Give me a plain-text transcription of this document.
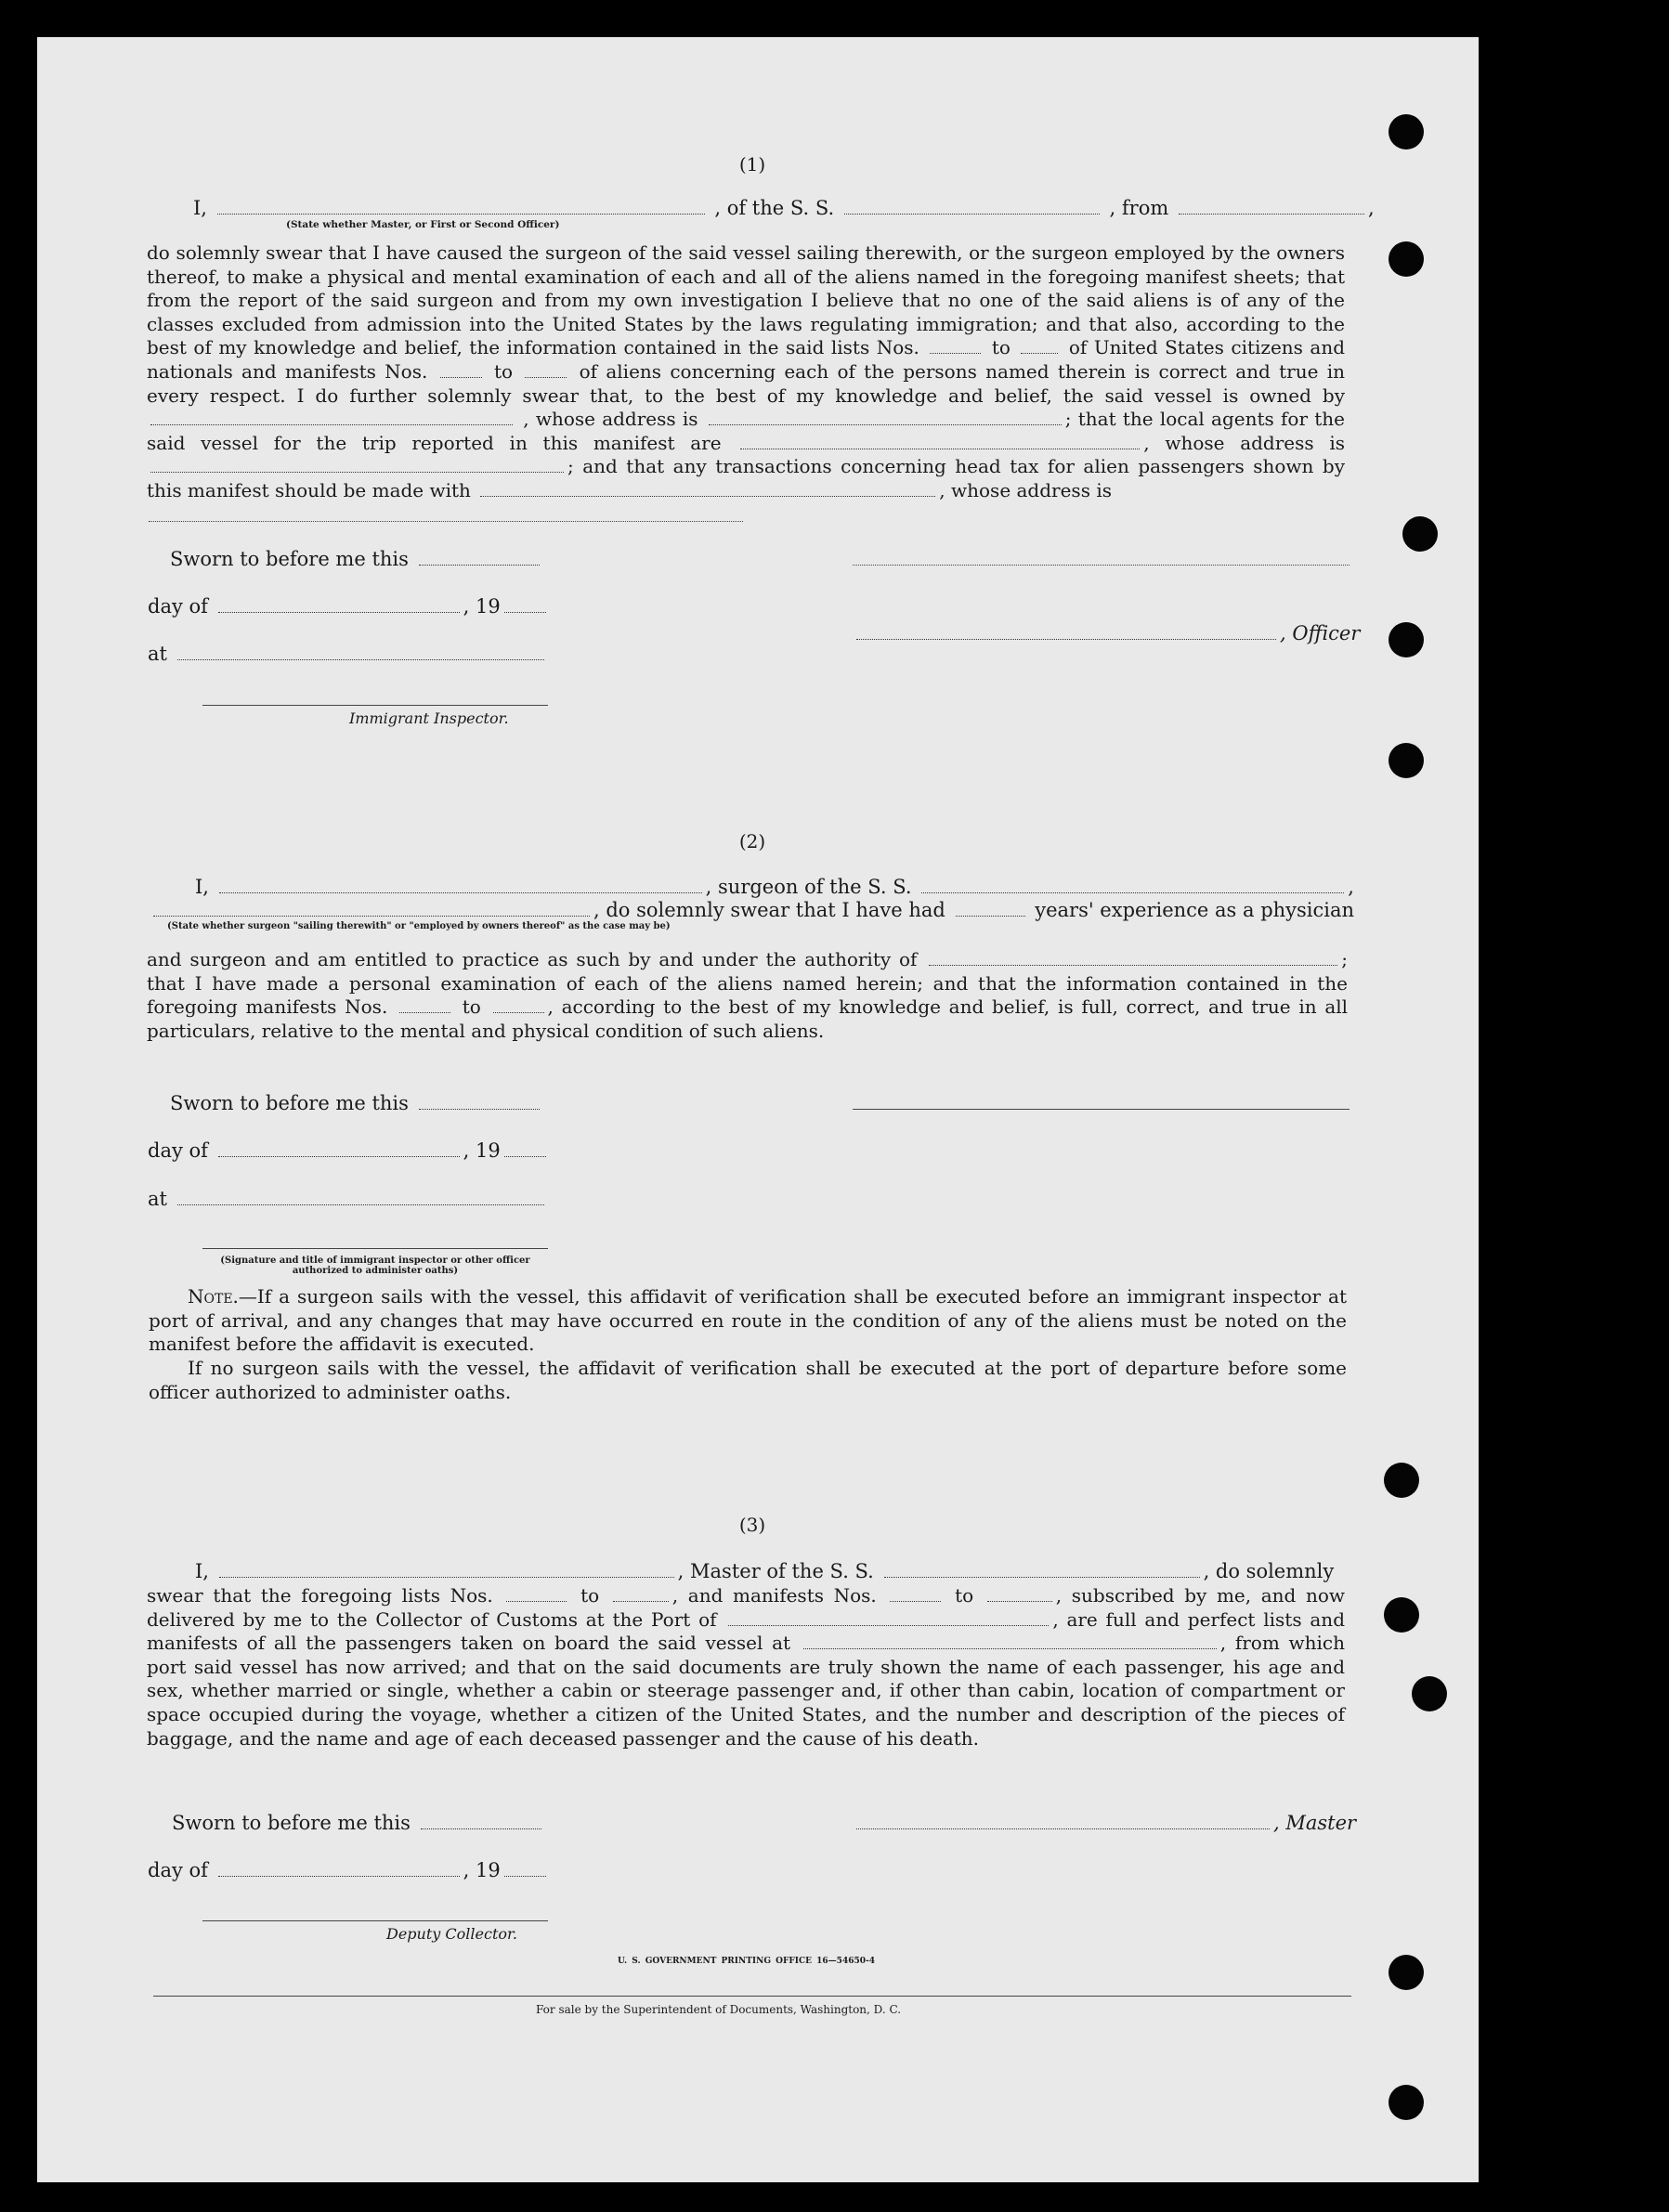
(1)
I,	, of the S. S.	, from	,
(State whether Master, or First or Second Officer)
do solemnly swear that I have caused the surgeon of the said vessel sailing therewith, or the surgeon employed by the owners thereof, to make a physical and mental examination of each and all of the aliens named in the foregoing manifest sheets; that from the report of the said surgeon and from my own investigation I believe that no one of the said aliens is of any of the classes excluded from admission into the United States by the laws regulating immigration; and that also, according to the best of my knowledge and belief, the information contained in the said lists Nos.	to	of United States citizens and nationals and manifests Nos.	to	of aliens concerning each of the persons named therein is correct and true in every respect. I do further solemnly swear that, to the best of my knowledge and belief, the said vessel is owned by  , whose address is	; that the local agents for the said vessel for the trip reported in this manifest are	, whose address is ; and that any transactions concerning head tax for alien passengers shown by this manifest should be made with	, whose address is
Sworn to before me this
day of	, 19
, Officer
at
Immigrant Inspector.
(2)
I,	, surgeon of the S. S.	,
, do solemnly swear that I have had	years' experience as a physician
(State whether surgeon "sailing therewith" or "employed by owners thereof" as the case may be)
and surgeon and am entitled to practice as such by and under the authority of	; that I have made a personal examination of each of the aliens named herein; and that the information contained in the foregoing manifests Nos.	to	, according to the best of my knowledge and belief, is full, correct, and true in all particulars, relative to the mental and physical condition of such aliens.
Sworn to before me this
day of	, 19
at
(Signature and title of immigrant inspector or other officer authorized to administer oaths)
Note.—If a surgeon sails with the vessel, this affidavit of verification shall be executed before an immigrant inspector at port of arrival, and any changes that may have occurred en route in the condition of any of the aliens must be noted on the manifest before the affidavit is executed.
If no surgeon sails with the vessel, the affidavit of verification shall be executed at the port of departure before some officer authorized to administer oaths.
(3)
I,	, Master of the S. S.	, do solemnly
swear that the foregoing lists Nos.	to	, and manifests Nos.	to	, subscribed by me, and now delivered by me to the Collector of Customs at the Port of	, are full and perfect lists and manifests of all the passengers taken on board the said vessel at	, from which port said vessel has now arrived; and that on the said documents are truly shown the name of each passenger, his age and sex, whether married or single, whether a cabin or steerage passenger and, if other than cabin, location of compartment or space occupied during the voyage, whether a citizen of the United States, and the number and description of the pieces of baggage, and the name and age of each deceased passenger and the cause of his death.
Sworn to before me this	, Master
day of	, 19
Deputy Collector.
U. S. GOVERNMENT PRINTING OFFICE 16—54650-4
For sale by the Superintendent of Documents, Washington, D. C.
